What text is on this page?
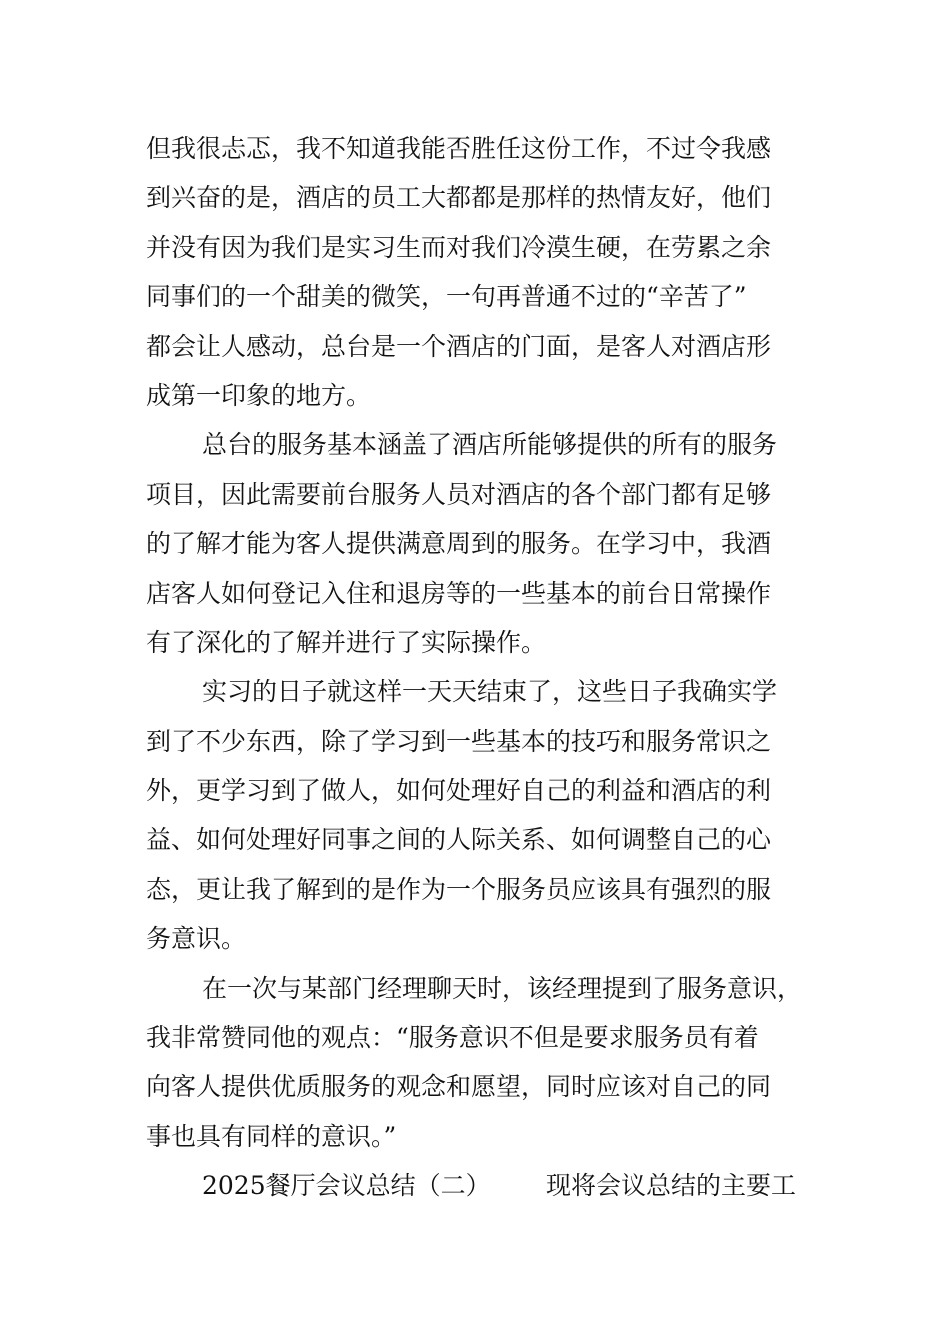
但我很忐忑，我不知道我能否胜任这份工作，不过令我感
到兴奋的是，酒店的员工大都都是那样的热情友好，他们
并没有因为我们是实习生而对我们冷漠生硬，在劳累之余
同事们的一个甜美的微笑，一句再普通不过的“辛苦了”
都会让人感动，总台是一个酒店的门面，是客人对酒店形
成第一印象的地方。
总台的服务基本涵盖了酒店所能够提供的所有的服务
项目，因此需要前台服务人员对酒店的各个部门都有足够
的了解才能为客人提供满意周到的服务。在学习中，我酒
店客人如何登记入住和退房等的一些基本的前台日常操作
有了深化的了解并进行了实际操作。
实习的日子就这样一天天结束了，这些日子我确实学
到了不少东西，除了学习到一些基本的技巧和服务常识之
外，更学习到了做人，如何处理好自己的利益和酒店的利
益、如何处理好同事之间的人际关系、如何调整自己的心
态，更让我了解到的是作为一个服务员应该具有强烈的服
务意识。
在一次与某部门经理聊天时，该经理提到了服务意识，
我非常赞同他的观点：“服务意识不但是要求服务员有着
向客人提供优质服务的观念和愿望，同时应该对自己的同
事也具有同样的意识。”
2025餐厅会议总结（二） 现将会议总结的主要工
